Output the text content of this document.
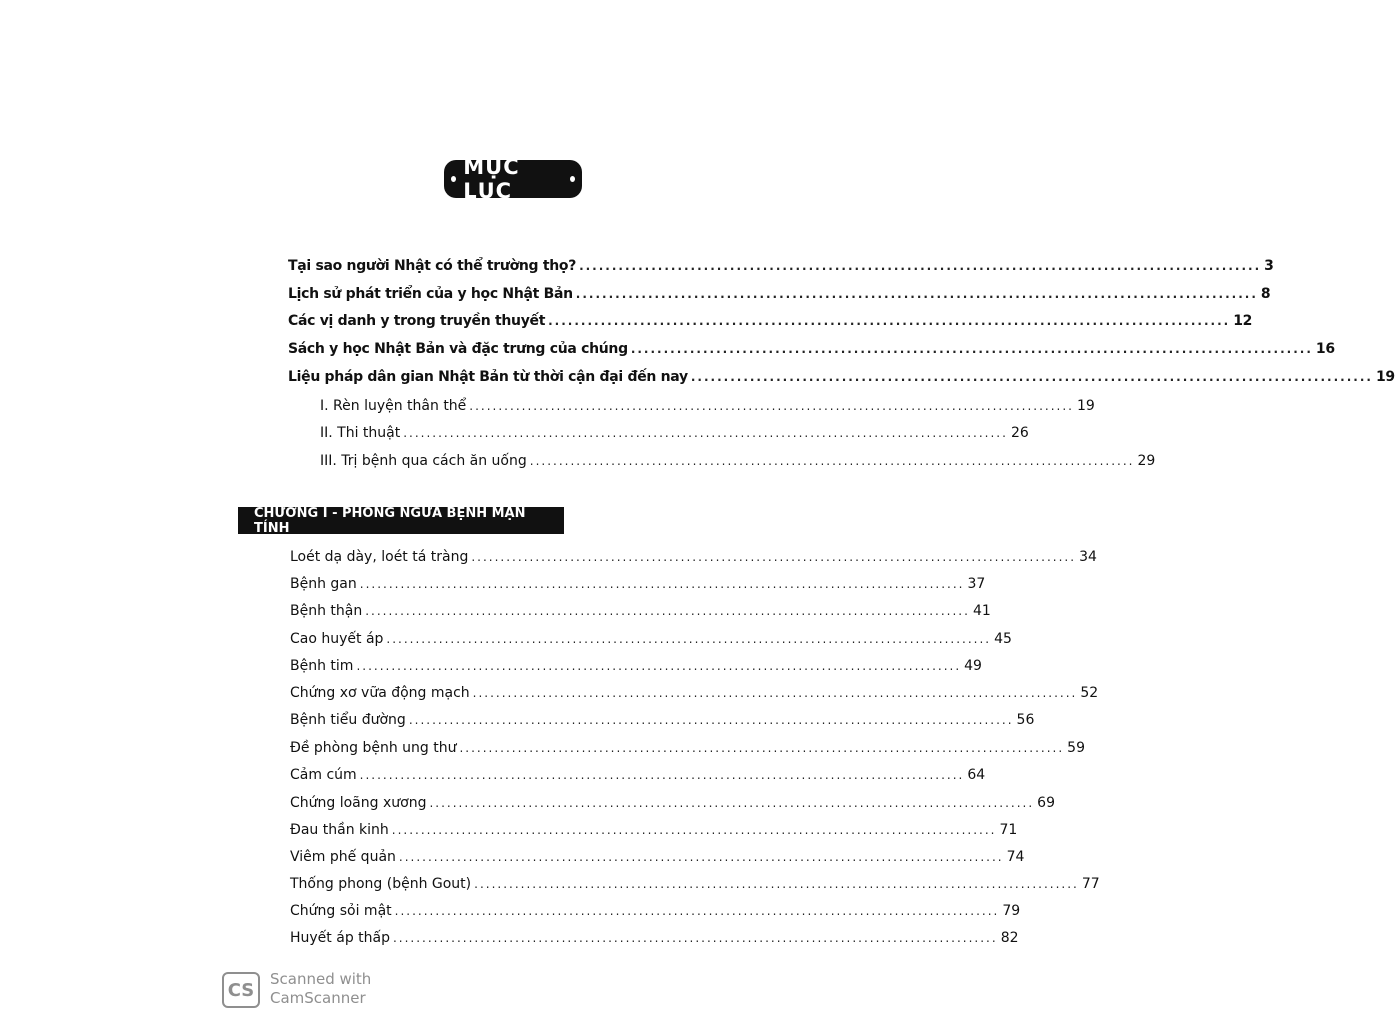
MỤC LỤC
Tại sao người Nhật có thể trường thọ? ........................................................................................................ 3
Lịch sử phát triển của y học Nhật Bản ........................................................................................................ 8
Các vị danh y trong truyền thuyết ........................................................................................................ 12
Sách y học Nhật Bản và đặc trưng của chúng ........................................................................................................ 16
Liệu pháp dân gian Nhật Bản từ thời cận đại đến nay ........................................................................................................ 19
I. Rèn luyện thân thể ........................................................................................................ 19
II. Thi thuật ........................................................................................................ 26
III. Trị bệnh qua cách ăn uống ........................................................................................................ 29
CHƯƠNG I - PHÒNG NGỪA BỆNH MẠN TÍNH
Loét dạ dày, loét tá tràng ........................................................................................................ 34
Bệnh gan ........................................................................................................ 37
Bệnh thận ........................................................................................................ 41
Cao huyết áp ........................................................................................................ 45
Bệnh tim ........................................................................................................ 49
Chứng xơ vữa động mạch ........................................................................................................ 52
Bệnh tiểu đường ........................................................................................................ 56
Đề phòng bệnh ung thư ........................................................................................................ 59
Cảm cúm ........................................................................................................ 64
Chứng loãng xương ........................................................................................................ 69
Đau thần kinh ........................................................................................................ 71
Viêm phế quản ........................................................................................................ 74
Thống phong (bệnh Gout) ........................................................................................................ 77
Chứng sỏi mật ........................................................................................................ 79
Huyết áp thấp ........................................................................................................ 82
CS
Scanned with
CamScanner
